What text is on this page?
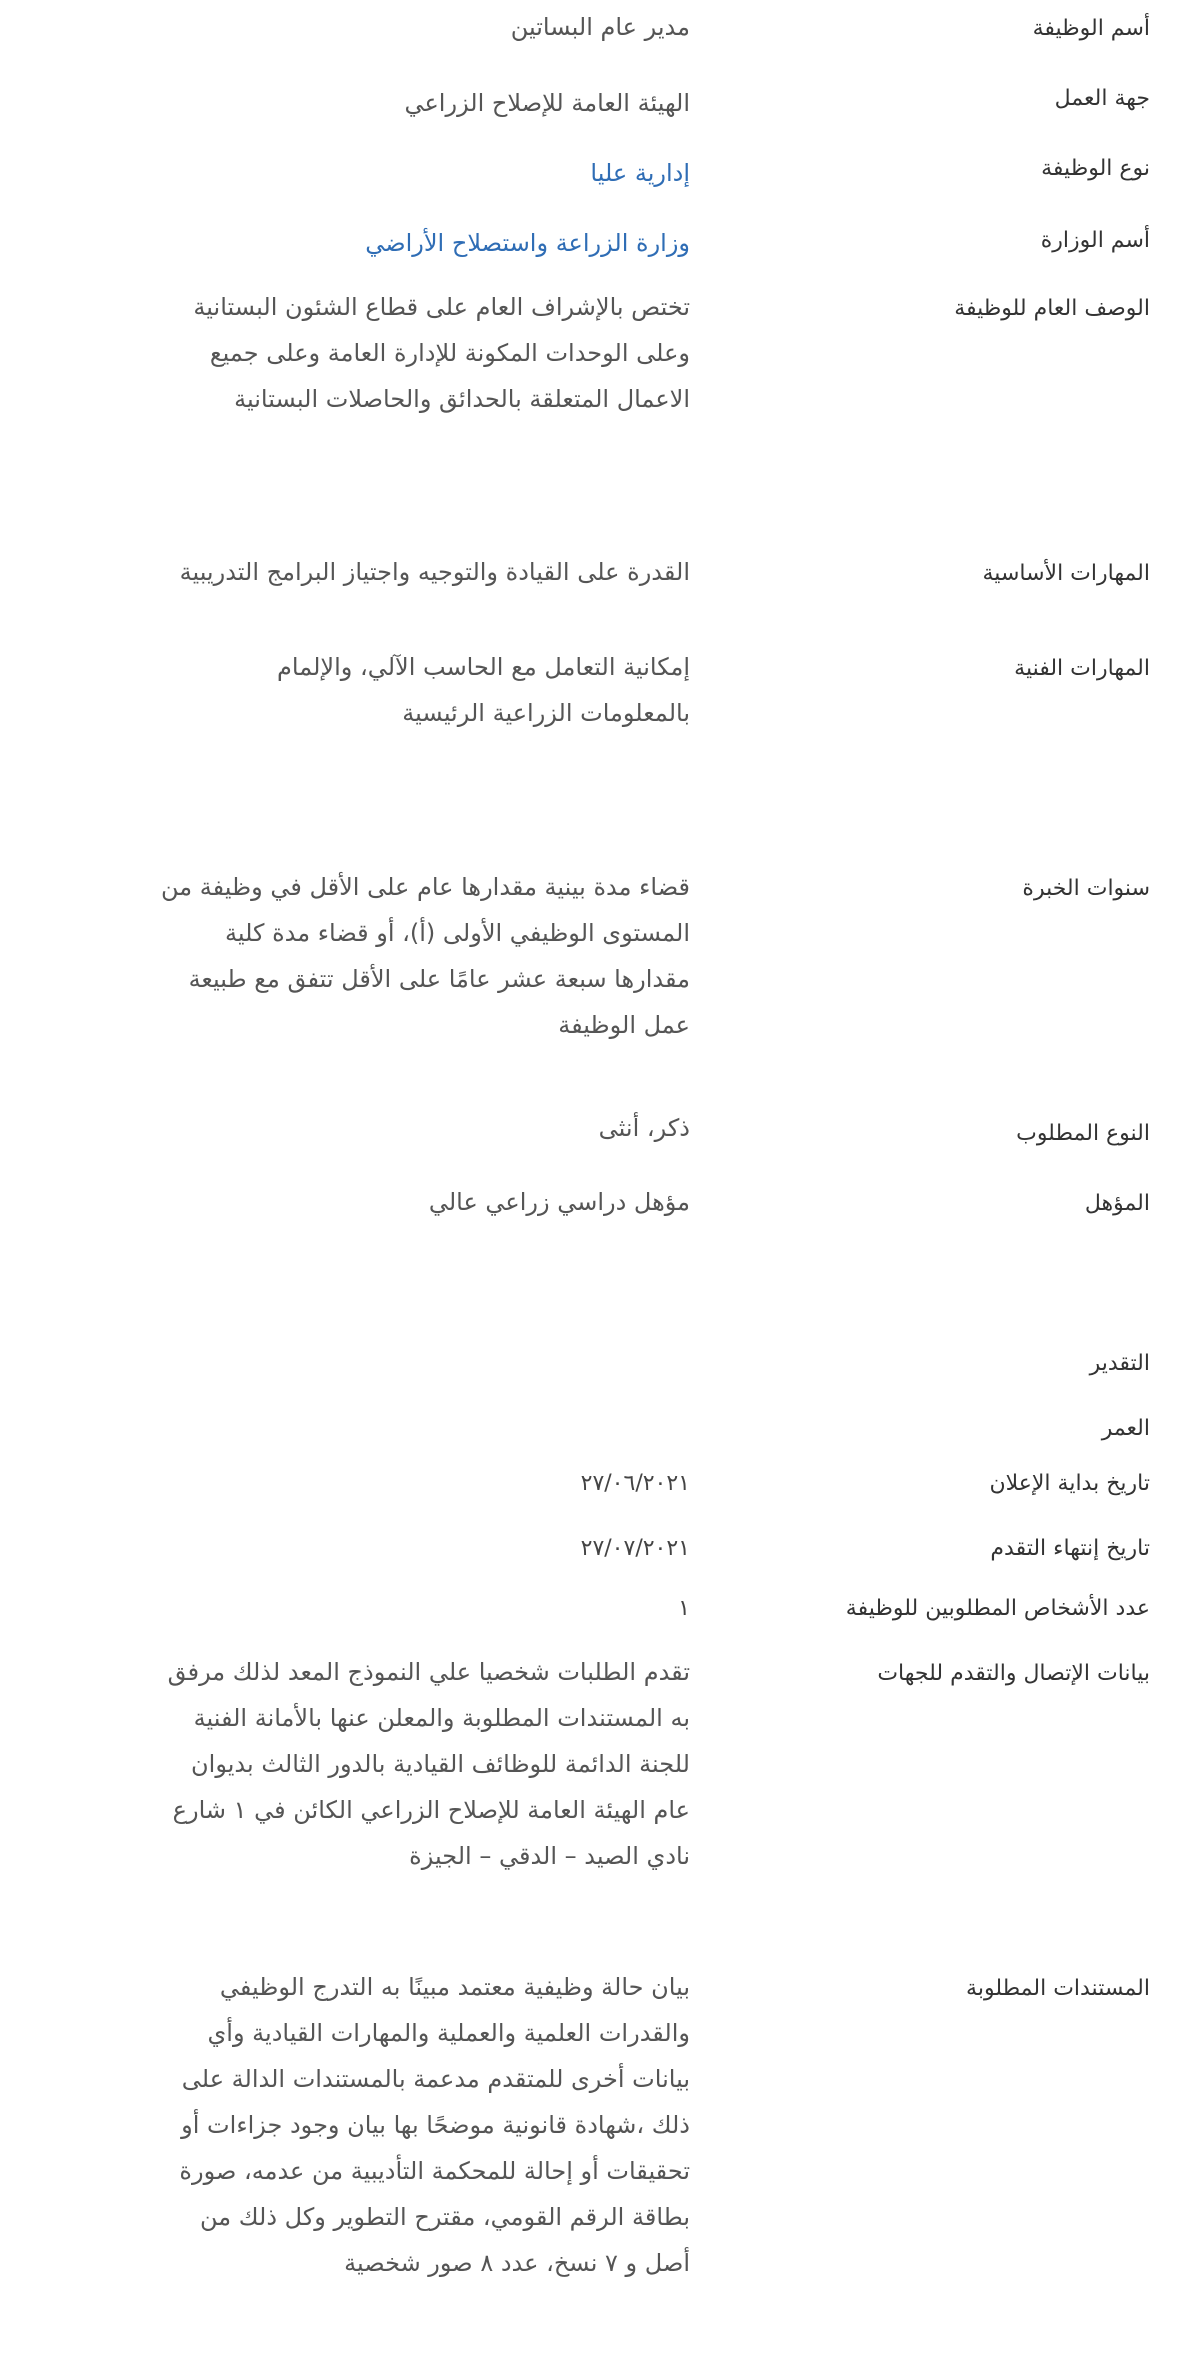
أسم الوظيفة
مدير عام البساتين
جهة العمل
الهيئة العامة للإصلاح الزراعي
نوع الوظيفة
إدارية عليا
أسم الوزارة
وزارة الزراعة واستصلاح الأراضي
الوصف العام للوظيفة
تختص بالإشراف العام على قطاع الشئون البستانية
وعلى الوحدات المكونة للإدارة العامة وعلى جميع
الاعمال المتعلقة بالحدائق والحاصلات البستانية
المهارات الأساسية
القدرة على القيادة والتوجيه واجتياز البرامج التدريبية
المهارات الفنية
إمكانية التعامل مع الحاسب الآلي، والإلمام
بالمعلومات الزراعية الرئيسية
سنوات الخبرة
قضاء مدة بينية مقدارها عام على الأقل في وظيفة من
المستوى الوظيفي الأولى (أ)، أو قضاء مدة كلية
مقدارها سبعة عشر عامًا على الأقل تتفق مع طبيعة
عمل الوظيفة
النوع المطلوب
ذكر، أنثى
المؤهل
مؤهل دراسي زراعي عالي
التقدير
العمر
تاريخ بداية الإعلان
٢٧/٠٦/٢٠٢١
تاريخ إنتهاء التقدم
٢٧/٠٧/٢٠٢١
عدد الأشخاص المطلوبين للوظيفة
١
بيانات الإتصال والتقدم للجهات
تقدم الطلبات شخصيا علي النموذج المعد لذلك مرفق
به المستندات المطلوبة والمعلن عنها بالأمانة الفنية
للجنة الدائمة للوظائف القيادية بالدور الثالث بديوان
عام الهيئة العامة للإصلاح الزراعي الكائن في ١ شارع
نادي الصيد – الدقي – الجيزة
المستندات المطلوبة
بيان حالة وظيفية معتمد مبينًا به التدرج الوظيفي
والقدرات العلمية والعملية والمهارات القيادية وأي
بيانات أخرى للمتقدم مدعمة بالمستندات الدالة على
ذلك ،شهادة قانونية موضحًا بها بيان وجود جزاءات أو
تحقيقات أو إحالة للمحكمة التأديبية من عدمه، صورة
بطاقة الرقم القومي، مقترح التطوير وكل ذلك من
أصل و ٧ نسخ، عدد ٨ صور شخصية
